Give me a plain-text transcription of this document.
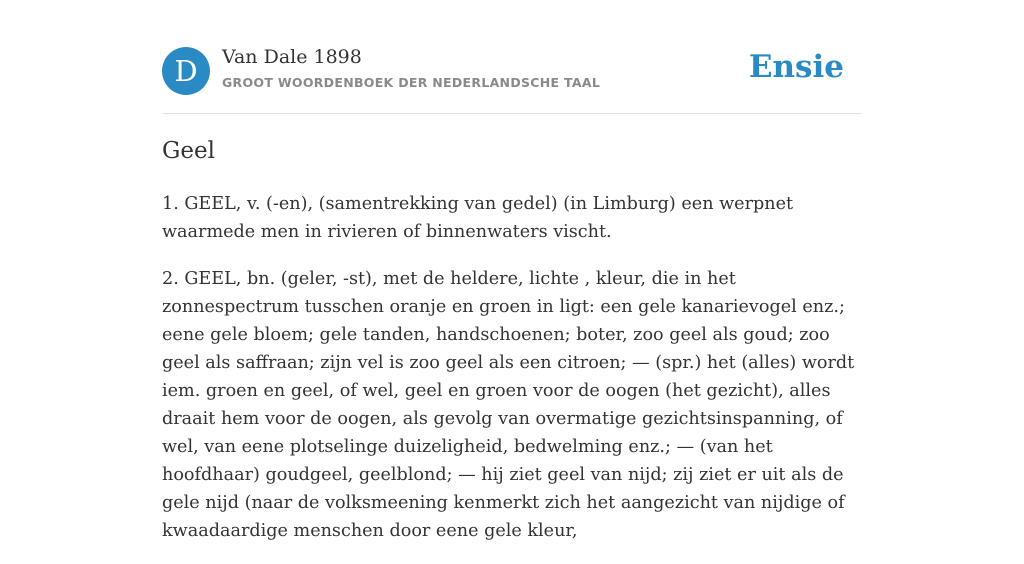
D	Van Dale 1898
GROOT WOORDENBOEK DER NEDERLANDSCHE TAAL	Ensie
Geel

1. GEEL, v. (-en), (samentrekking van gedel) (in Limburg) een werpnet waarmede men in rivieren of binnenwaters vischt.

2. GEEL, bn. (geler, -st), met de heldere, lichte , kleur, die in het zonnespectrum tusschen oranje en groen in ligt: een gele kanarievogel enz.; eene gele bloem; gele tanden, handschoenen; boter, zoo geel als goud; zoo geel als saffraan; zijn vel is zoo geel als een citroen; — (spr.) het (alles) wordt iem. groen en geel, of wel, geel en groen voor de oogen (het gezicht), alles draait hem voor de oogen, als gevolg van overmatige gezichtsinspanning, of wel, van eene plotselinge duizeligheid, bedwelming enz.; — (van het hoofdhaar) goudgeel, geelblond; — hij ziet geel van nijd; zij ziet er uit als de gele nijd (naar de volksmeening kenmerkt zich het aangezicht van nijdige of kwaadaardige menschen door eene gele kleur,
